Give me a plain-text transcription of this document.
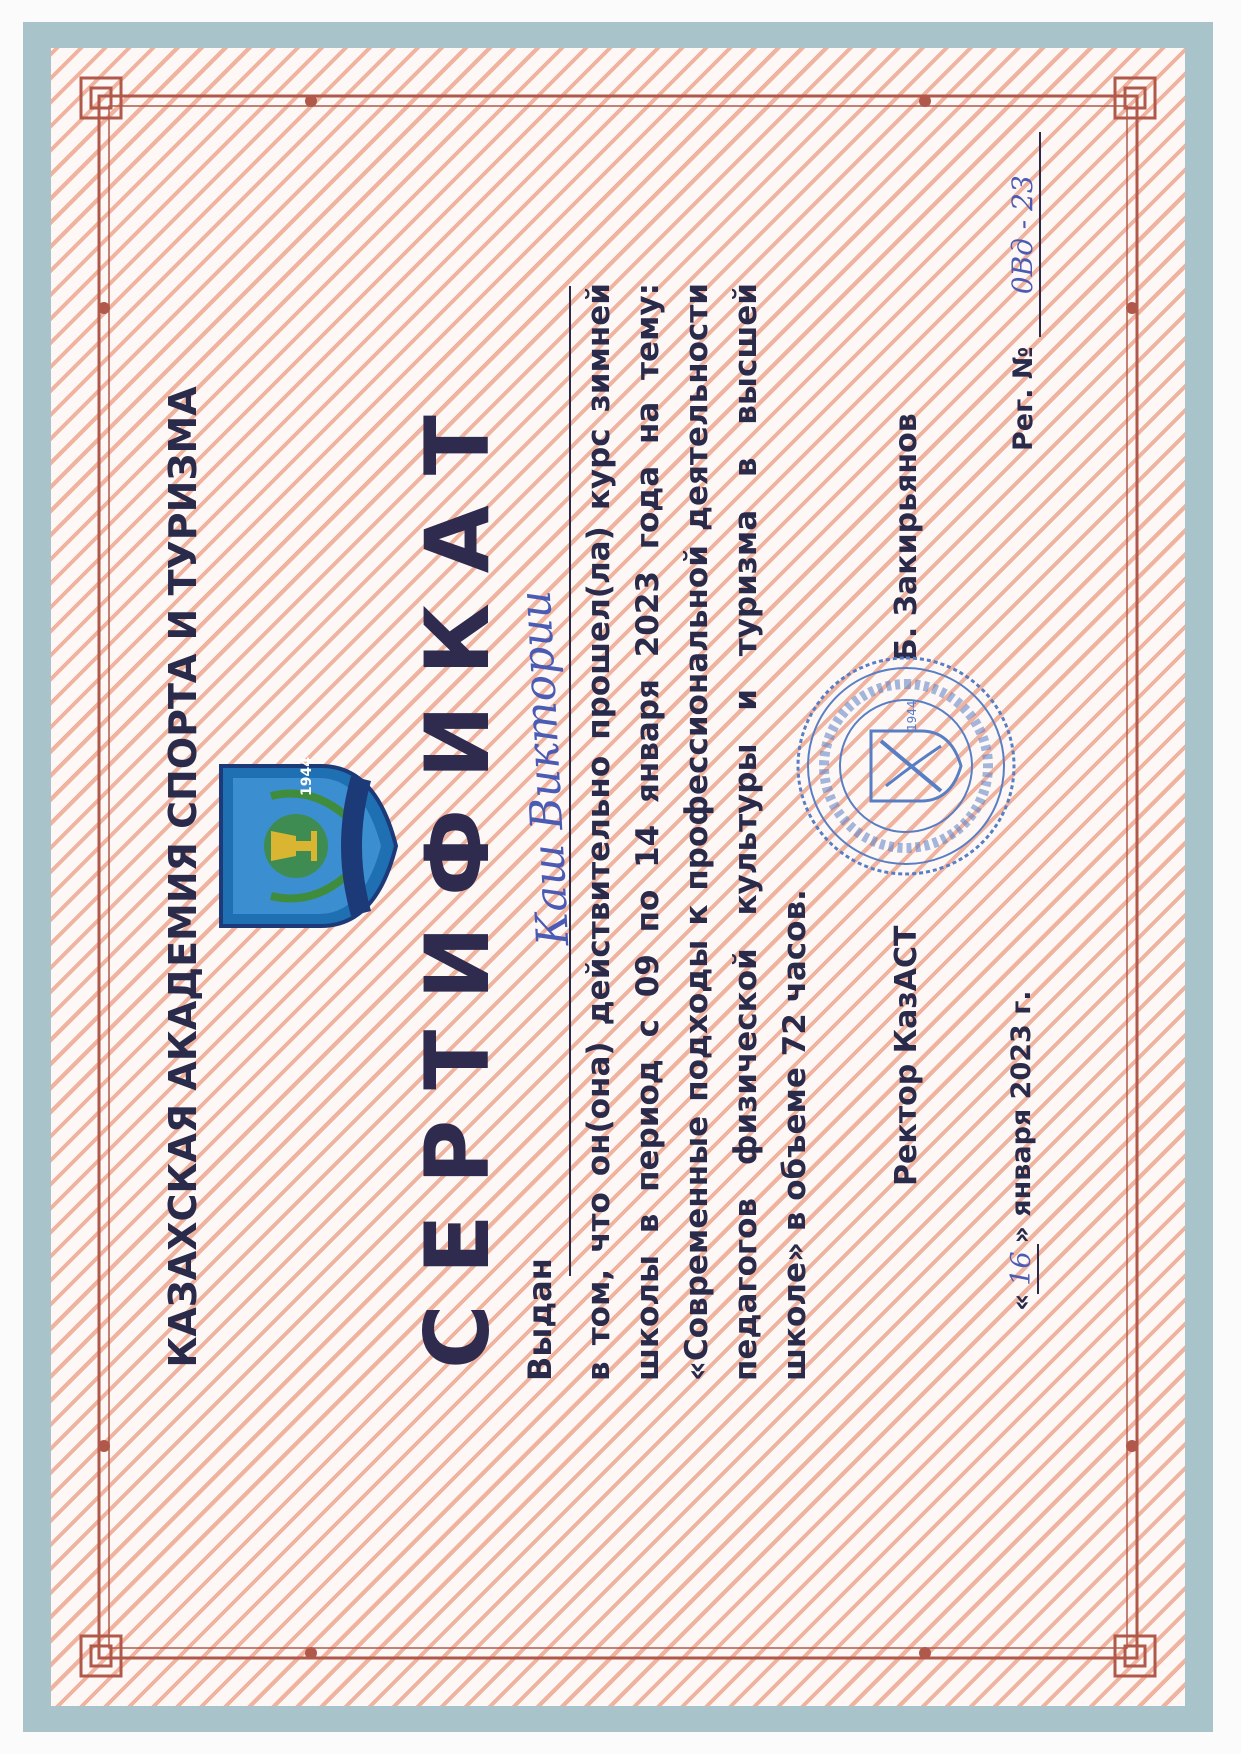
КАЗАХСКАЯ АКАДЕМИЯ СПОРТА И ТУРИЗМА	1944 СЕРТИФИКАТ Выдан
Каш Виктории в том, что он(она) действительно прошел(ла) курс зимней школы в период с 09 по 14 января 2023 года на тему: «Современные подходы к профессиональной деятельности педагогов физической культуры и туризма в высшей школе» в объеме 72 часов.	Ректор КазАСТ
Б. Закирьянов
1944
«16» января 2023 г.
Рег. № 0Вд - 23
